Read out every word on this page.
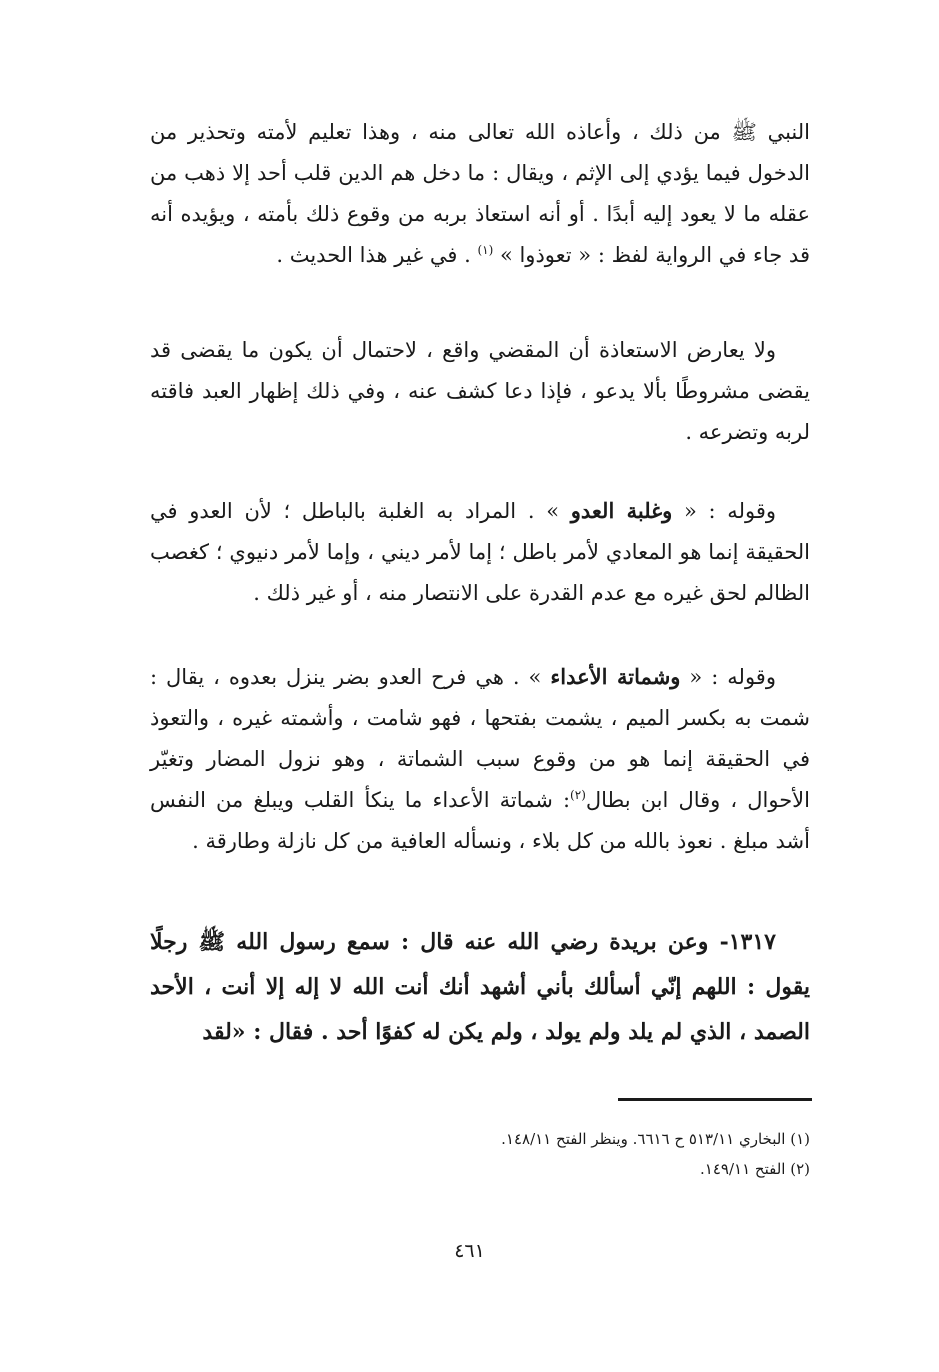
النبي ﷺ من ذلك ، وأعاذه الله تعالى منه ، وهذا تعليم لأمته وتحذير من الدخول فيما يؤدي إلى الإثم ، ويقال : ما دخل هم الدين قلب أحد إلا ذهب من عقله ما لا يعود إليه أبدًا . أو أنه استعاذ بربه من وقوع ذلك بأمته ، ويؤيده أنه قد جاء في الرواية لفظ : « تعوذوا » $^{(١)}$ . في غير هذا الحديث .

ولا يعارض الاستعاذة أن المقضي واقع ، لاحتمال أن يكون ما يقضى قد يقضى مشروطًا بألا يدعو ، فإذا دعا كشف عنه ، وفي ذلك إظهار العبد فاقته لربه وتضرعه .

وقوله : « وغلبة العدو » . المراد به الغلبة بالباطل ؛ لأن العدو في الحقيقة إنما هو المعادي لأمر باطل ؛ إما لأمر ديني ، وإما لأمر دنيوي ؛ كغصب الظالم لحق غيره مع عدم القدرة على الانتصار منه ، أو غير ذلك .

وقوله : « وشماتة الأعداء » . هي فرح العدو بضر ينزل بعدوه ، يقال : شمت به بكسر الميم ، يشمت بفتحها ، فهو شامت ، وأشمته غيره ، والتعوذ في الحقيقة إنما هو من وقوع سبب الشماتة ، وهو نزول المضار وتغيّر الأحوال ، وقال ابن بطال$^{(٢)}$: شماتة الأعداء ما ينكأ القلب ويبلغ من النفس أشد مبلغ . نعوذ بالله من كل بلاء ، ونسأله العافية من كل نازلة وطارقة .

١٣١٧- وعن بريدة رضي الله عنه قال : سمع رسول الله ﷺ رجلًا يقول : اللهم إنّي أسألك بأني أشهد أنك أنت الله لا إله إلا أنت ، الأحد الصمد ، الذي لم يلد ولم يولد ، ولم يكن له كفوًا أحد . فقال : «لقد

(١) البخاري ٥١٣/١١ ح ٦٦١٦. وينظر الفتح ١٤٨/١١.
(٢) الفتح ١٤٩/١١.
٤٦١
